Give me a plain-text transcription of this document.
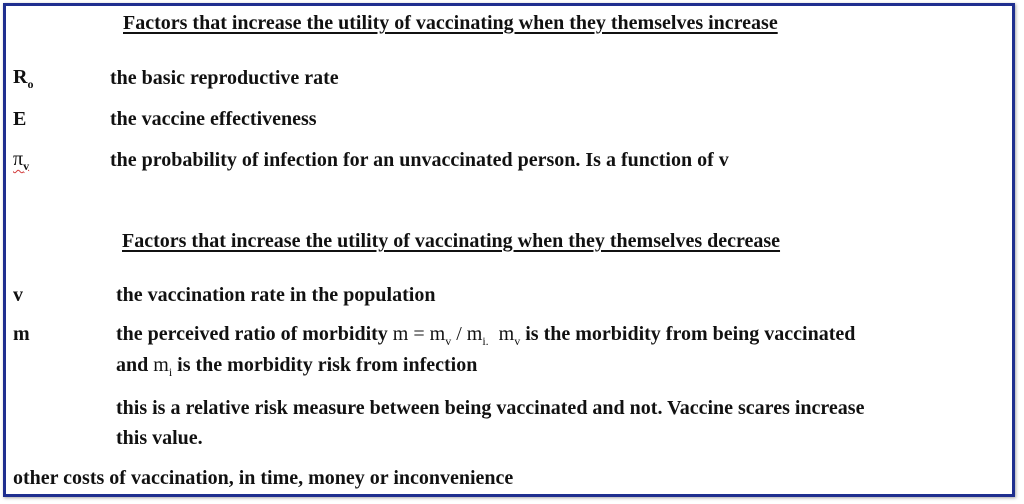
Factors that increase the utility of vaccinating when they themselves increase
$R_o$	the basic reproductive rate
E	the vaccine effectiveness
$\pi_v$	the probability of infection for an unvaccinated person. Is a function of v
Factors that increase the utility of vaccinating when they themselves decrease
v	the vaccination rate in the population
m	the perceived ratio of morbidity $m = m_v / m_{i.}$ $m_v$ is the morbidity from being vaccinated
and $m_i$ is the morbidity risk from infection
this is a relative risk measure between being vaccinated and not. Vaccine scares increase
this value.
other costs of vaccination, in time, money or inconvenience
